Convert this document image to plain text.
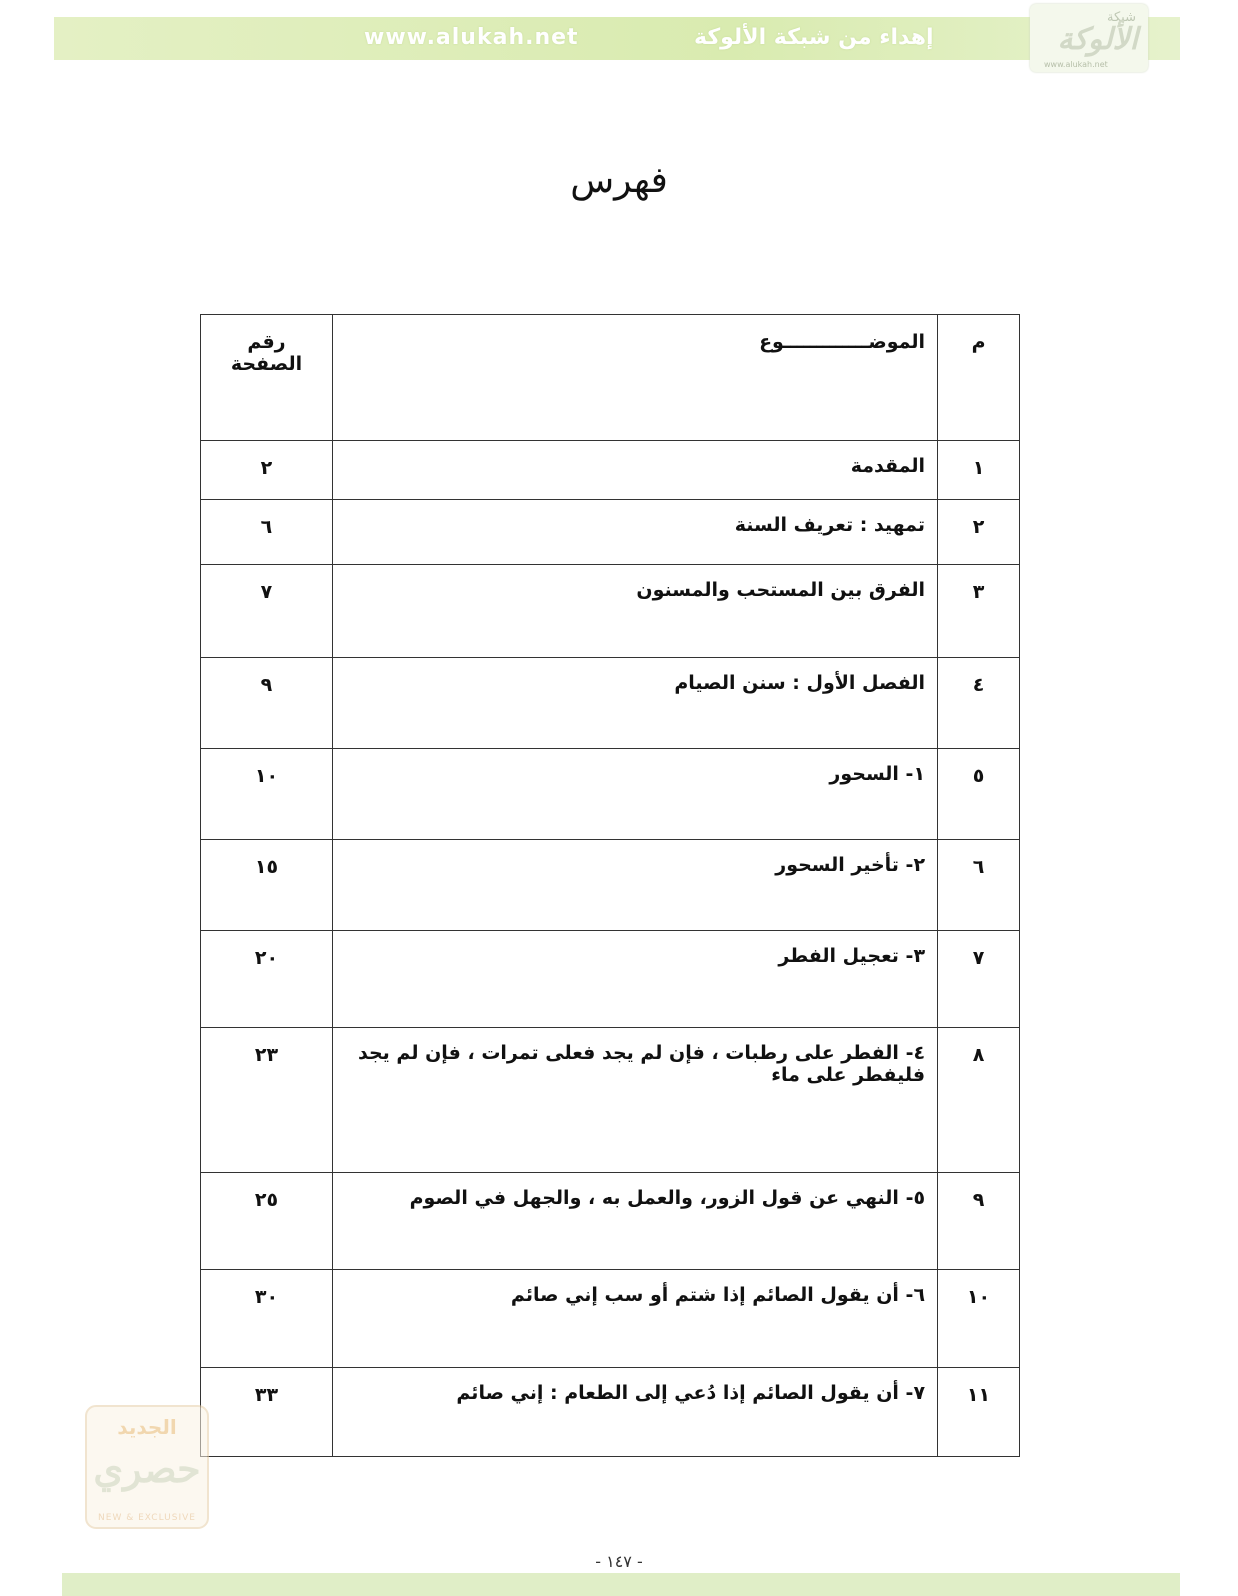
www.alukah.net	إهداء من شبكة الألوكة
شبكة
الألوكة
www.alukah.net
فهرس
م	الموضـــــــــــــوع	رقم
الصفحة

١	المقدمة	٢
٢	تمهيد : تعريف السنة	٦
٣	الفرق بين المستحب والمسنون	٧
٤	الفصل الأول : سنن الصيام	٩
٥	١- السحور	١٠
٦	٢- تأخير السحور	١٥
٧	٣- تعجيل الفطر	٢٠
٨	٤- الفطر على رطبات ، فإن لم يجد فعلى تمرات ، فإن لم يجد فليفطر على ماء	٢٣
٩	٥- النهي عن قول الزور، والعمل به ، والجهل في الصوم	٢٥
١٠	٦- أن يقول الصائم إذا شتم أو سب إني صائم	٣٠
١١	٧- أن يقول الصائم إذا دُعي إلى الطعام : إني صائم	٣٣
الجديد
حصري
NEW & EXCLUSIVE
- ١٤٧ -
